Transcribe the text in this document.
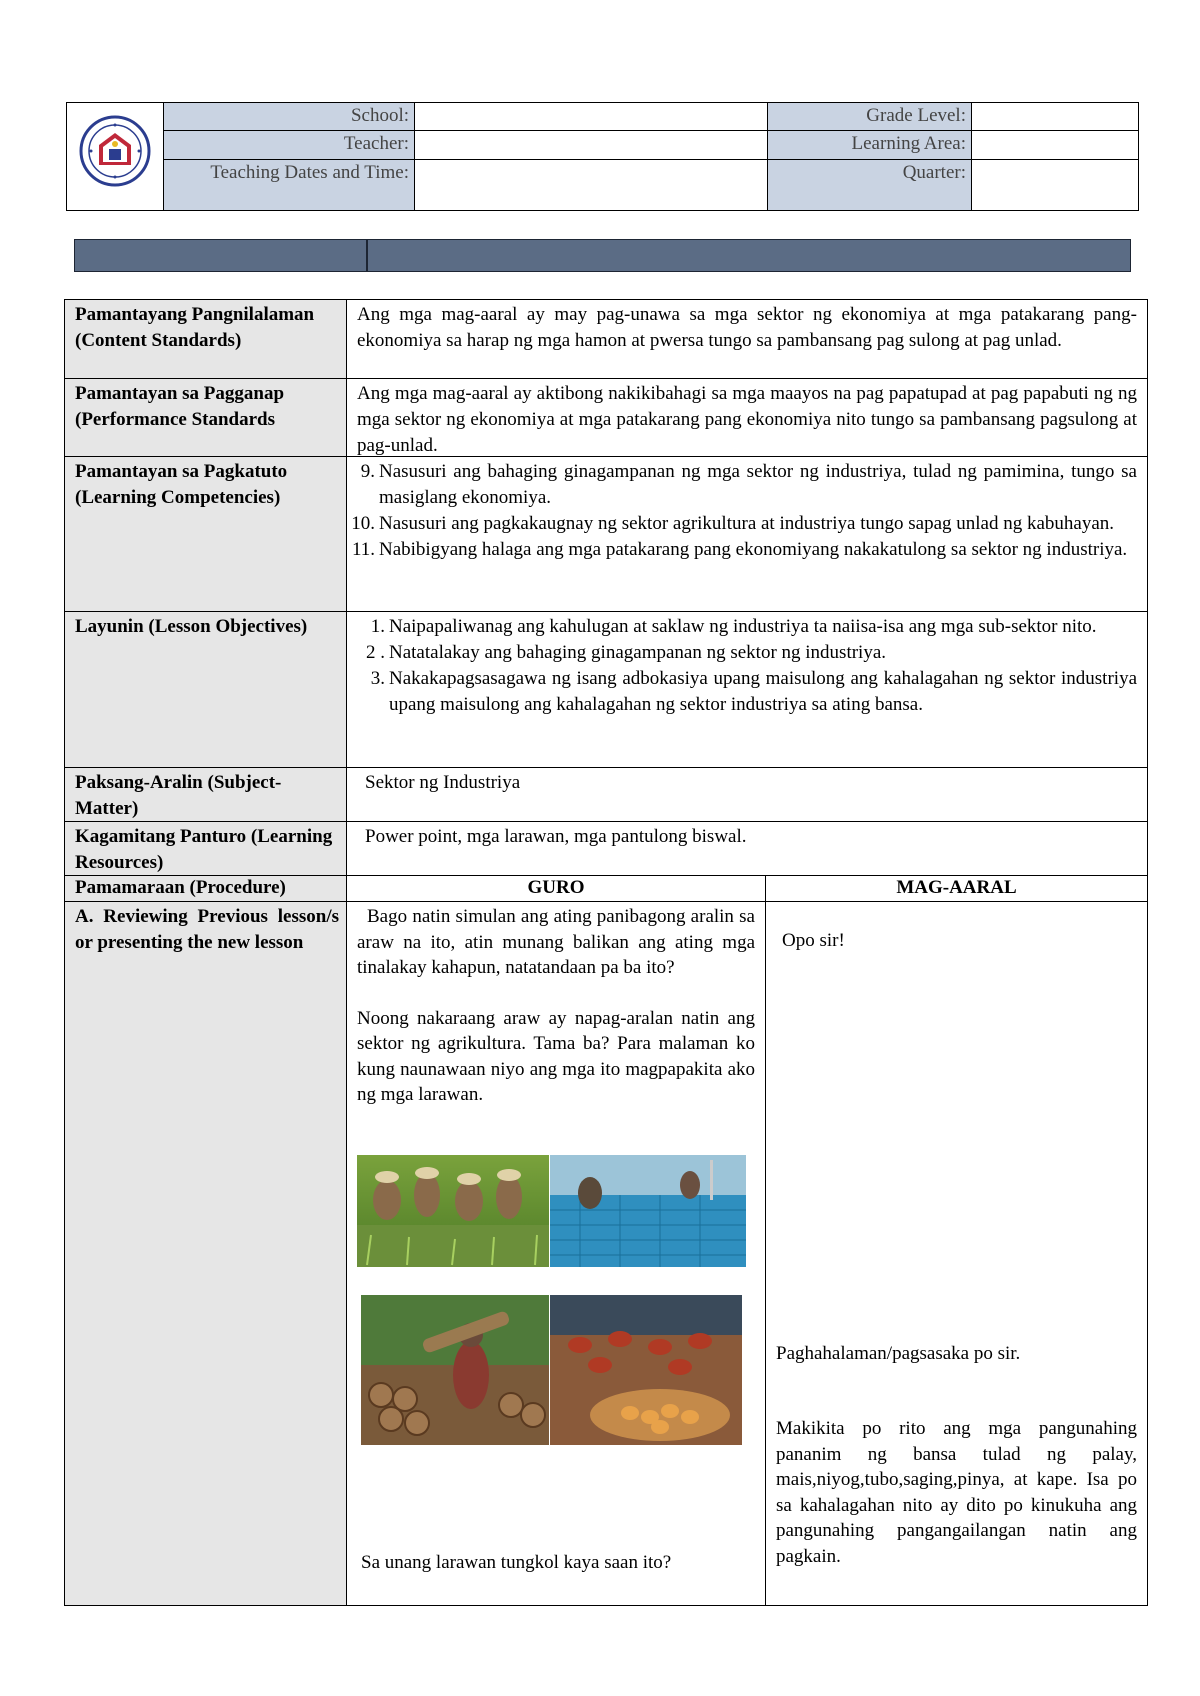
School:
Teacher:
Teaching Dates and Time:
Grade Level:
Learning Area:
Quarter:
Pamantayang Pangnilalaman (Content Standards)
Pamantayan sa Pagganap (Performance Standards
Pamantayan sa Pagkatuto (Learning Competencies)
Layunin (Lesson Objectives)
Paksang-Aralin (Subject-Matter)
Kagamitang Panturo (Learning Resources)
Pamamaraan (Procedure)
A. Reviewing Previous lesson/s or presenting the new lesson
Ang mga mag-aaral ay may pag-unawa sa mga sektor ng ekonomiya at mga patakarang pang-ekonomiya sa harap ng mga hamon at pwersa tungo sa pambansang pag sulong at pag unlad.
Ang mga mag-aaral ay aktibong nakikibahagi sa mga maayos na pag papatupad at pag papabuti ng ng mga sektor ng ekonomiya at mga patakarang pang ekonomiya nito tungo sa pambansang pagsulong at pag-unlad.
9. Nasusuri ang bahaging ginagampanan ng mga sektor ng industriya, tulad ng pamimina, tungo sa masiglang ekonomiya.
10. Nasusuri ang pagkakaugnay ng sektor agrikultura at industriya tungo sapag unlad ng kabuhayan.
11. Nabibigyang halaga ang mga patakarang pang ekonomiyang nakakatulong sa sektor ng industriya.
1. Naipapaliwanag ang kahulugan at saklaw ng industriya ta naiisa-isa ang mga sub-sektor nito.
2 . Natatalakay ang bahaging ginagampanan ng sektor ng industriya.
3. Nakakapagsasagawa ng isang adbokasiya upang maisulong ang kahalagahan ng sektor industriya upang maisulong ang kahalagahan ng sektor industriya sa ating bansa.
Sektor ng Industriya
Power point, mga larawan, mga pantulong biswal.
GURO	MAG-AARAL

Bago natin simulan ang ating panibagong aralin sa araw na ito, atin munang balikan ang ating mga tinalakay kahapun, natatandaan pa ba ito?

Noong nakaraang araw ay napag-aralan natin ang sektor ng agrikultura. Tama ba? Para malaman ko kung naunawaan niyo ang mga ito magpapakita ako ng mga larawan.

Sa unang larawan tungkol kaya saan ito?

Opo sir!
Paghahalaman/pagsasaka po sir.
Makikita po rito ang mga pangunahing pananim ng bansa tulad ng palay, mais,niyog,tubo,saging,pinya, at kape. Isa po sa kahalagahan nito ay dito po kinukuha ang pangunahing pangangailangan natin ang pagkain.
